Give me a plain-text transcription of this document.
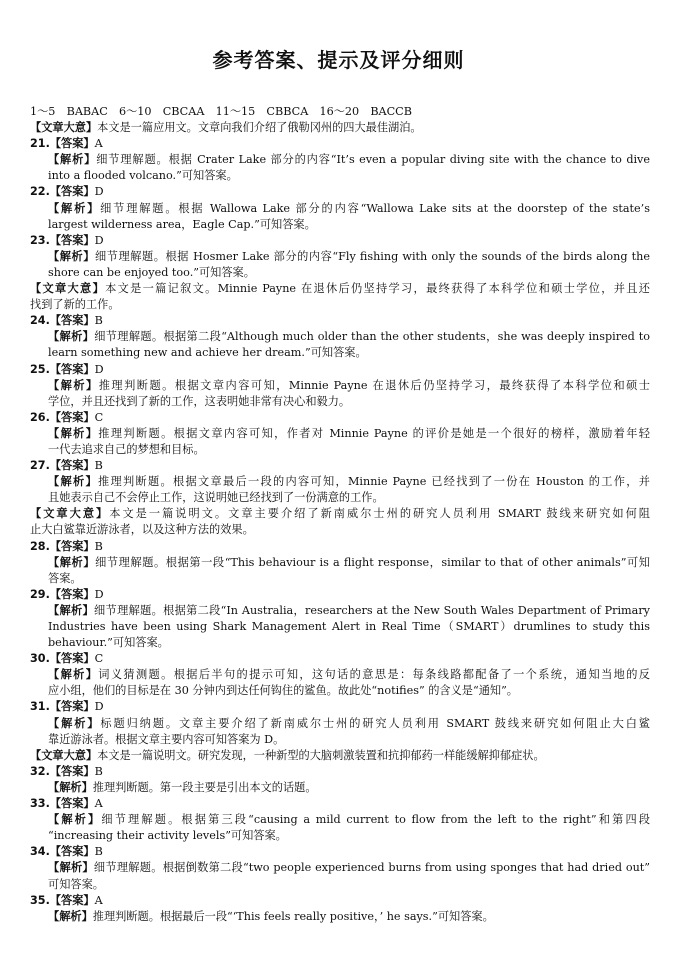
参考答案、提示及评分细则
1～5　BABAC　6～10　CBCAA　11～15　CBBCA　16～20　BACCB
【文章大意】本文是一篇应用文。文章向我们介绍了俄勒冈州的四大最佳湖泊。
21.【答案】A
【解析】细节理解题。根据 Crater Lake 部分的内容“It’s even a popular diving site with the chance to dive
into a flooded volcano.”可知答案。
22.【答案】D
【解析】细节理解题。根据 Wallowa Lake 部分的内容“Wallowa Lake sits at the doorstep of the state’s
largest wilderness area，Eagle Cap.”可知答案。
23.【答案】D
【解析】细节理解题。根据 Hosmer Lake 部分的内容“Fly fishing with only the sounds of the birds along the
shore can be enjoyed too.”可知答案。
【文章大意】本文是一篇记叙文。Minnie Payne 在退休后仍坚持学习，最终获得了本科学位和硕士学位，并且还
找到了新的工作。
24.【答案】B
【解析】细节理解题。根据第二段“Although much older than the other students，she was deeply inspired to
learn something new and achieve her dream.”可知答案。
25.【答案】D
【解析】推理判断题。根据文章内容可知，Minnie Payne 在退休后仍坚持学习，最终获得了本科学位和硕士
学位，并且还找到了新的工作，这表明她非常有决心和毅力。
26.【答案】C
【解析】推理判断题。根据文章内容可知，作者对 Minnie Payne 的评价是她是一个很好的榜样，激励着年轻
一代去追求自己的梦想和目标。
27.【答案】B
【解析】推理判断题。根据文章最后一段的内容可知，Minnie Payne 已经找到了一份在 Houston 的工作，并
且她表示自己不会停止工作，这说明她已经找到了一份满意的工作。
【文章大意】本文是一篇说明文。文章主要介绍了新南威尔士州的研究人员利用 SMART 鼓线来研究如何阻
止大白鲨靠近游泳者，以及这种方法的效果。
28.【答案】B
【解析】细节理解题。根据第一段“This behaviour is a flight response，similar to that of other animals”可知
答案。
29.【答案】D
【解析】细节理解题。根据第二段“In Australia，researchers at the New South Wales Department of Primary
Industries have been using Shark Management Alert in Real Time（SMART）drumlines to study this
behaviour.”可知答案。
30.【答案】C
【解析】词义猜测题。根据后半句的提示可知，这句话的意思是：每条线路都配备了一个系统，通知当地的反
应小组，他们的目标是在 30 分钟内到达任何钩住的鲨鱼。故此处“notifies” 的含义是“通知”。
31.【答案】D
【解析】标题归纳题。文章主要介绍了新南威尔士州的研究人员利用 SMART 鼓线来研究如何阻止大白鲨
靠近游泳者。根据文章主要内容可知答案为 D。
【文章大意】本文是一篇说明文。研究发现，一种新型的大脑刺激装置和抗抑郁药一样能缓解抑郁症状。
32.【答案】B
【解析】推理判断题。第一段主要是引出本文的话题。
33.【答案】A
【解析】细节理解题。根据第三段“causing a mild current to flow from the left to the right”和第四段
“increasing their activity levels”可知答案。
34.【答案】B
【解析】细节理解题。根据倒数第二段“two people experienced burns from using sponges that had dried out”
可知答案。
35.【答案】A
【解析】推理判断题。根据最后一段“‘This feels really positive，’ he says.”可知答案。
